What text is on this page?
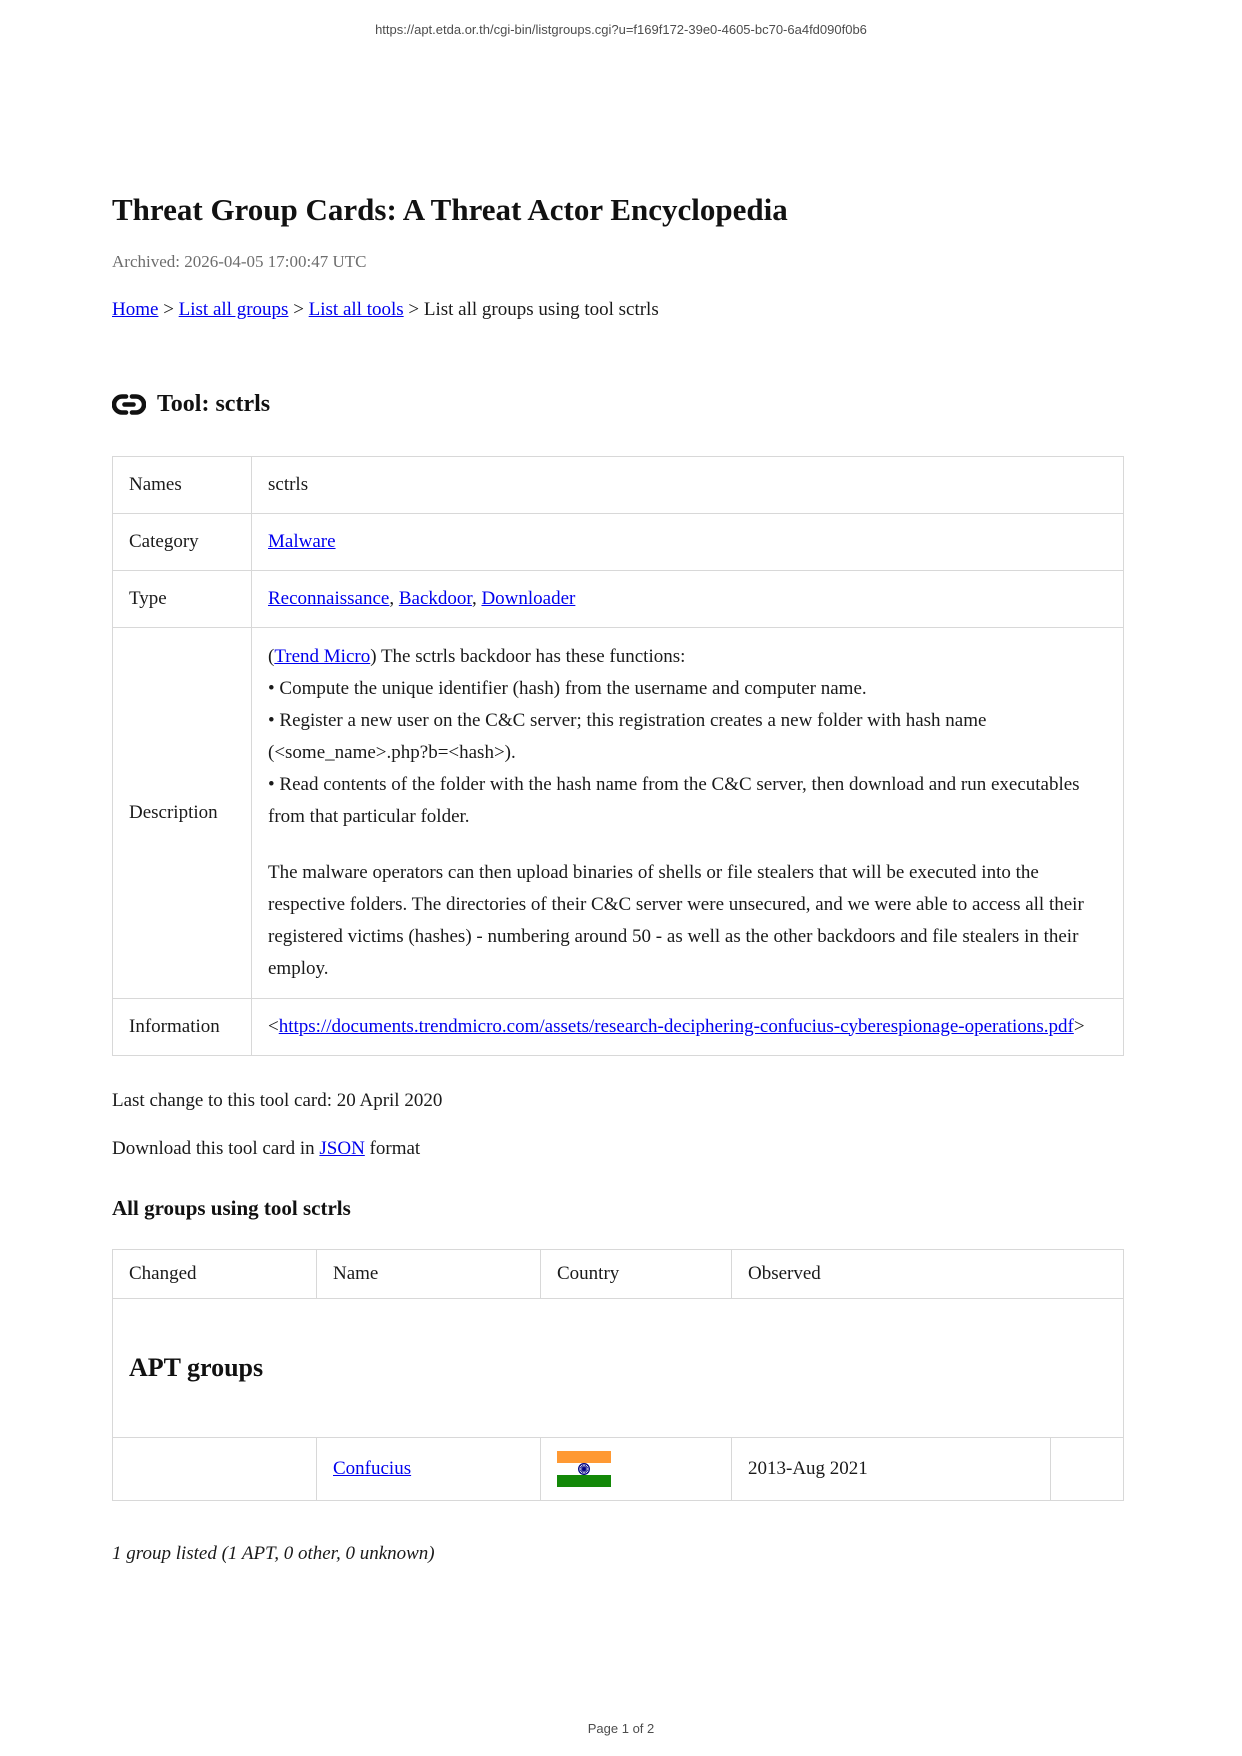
https://apt.etda.or.th/cgi-bin/listgroups.cgi?u=f169f172-39e0-4605-bc70-6a4fd090f0b6
Threat Group Cards: A Threat Actor Encyclopedia
Archived: 2026-04-05 17:00:47 UTC
Home > List all groups > List all tools > List all groups using tool sctrls
Tool: sctrls
Names	sctrls
Category	Malware
Type	Reconnaissance, Backdoor, Downloader
Description	(Trend Micro) The sctrls backdoor has these functions:

• Compute the unique identifier (hash) from the username and computer name.
• Register a new user on the C&C server; this registration creates a new folder with hash name (<some_name>.php?b=<hash>).
• Read contents of the folder with the hash name from the C&C server, then download and run executables from that particular folder.

The malware operators can then upload binaries of shells or file stealers that will be executed into the respective folders. The directories of their C&C server were unsecured, and we were able to access all their registered victims (hashes) - numbering around 50 - as well as the other backdoors and file stealers in their employ.

Information	<https://documents.trendmicro.com/assets/research-deciphering-confucius-cyberespionage-operations.pdf>
Last change to this tool card: 20 April 2020
Download this tool card in JSON format
All groups using tool sctrls
Changed	Name	Country	Observed	
APT groups				
	Confucius		2013-Aug 2021	
1 group listed (1 APT, 0 other, 0 unknown)
Page 1 of 2
